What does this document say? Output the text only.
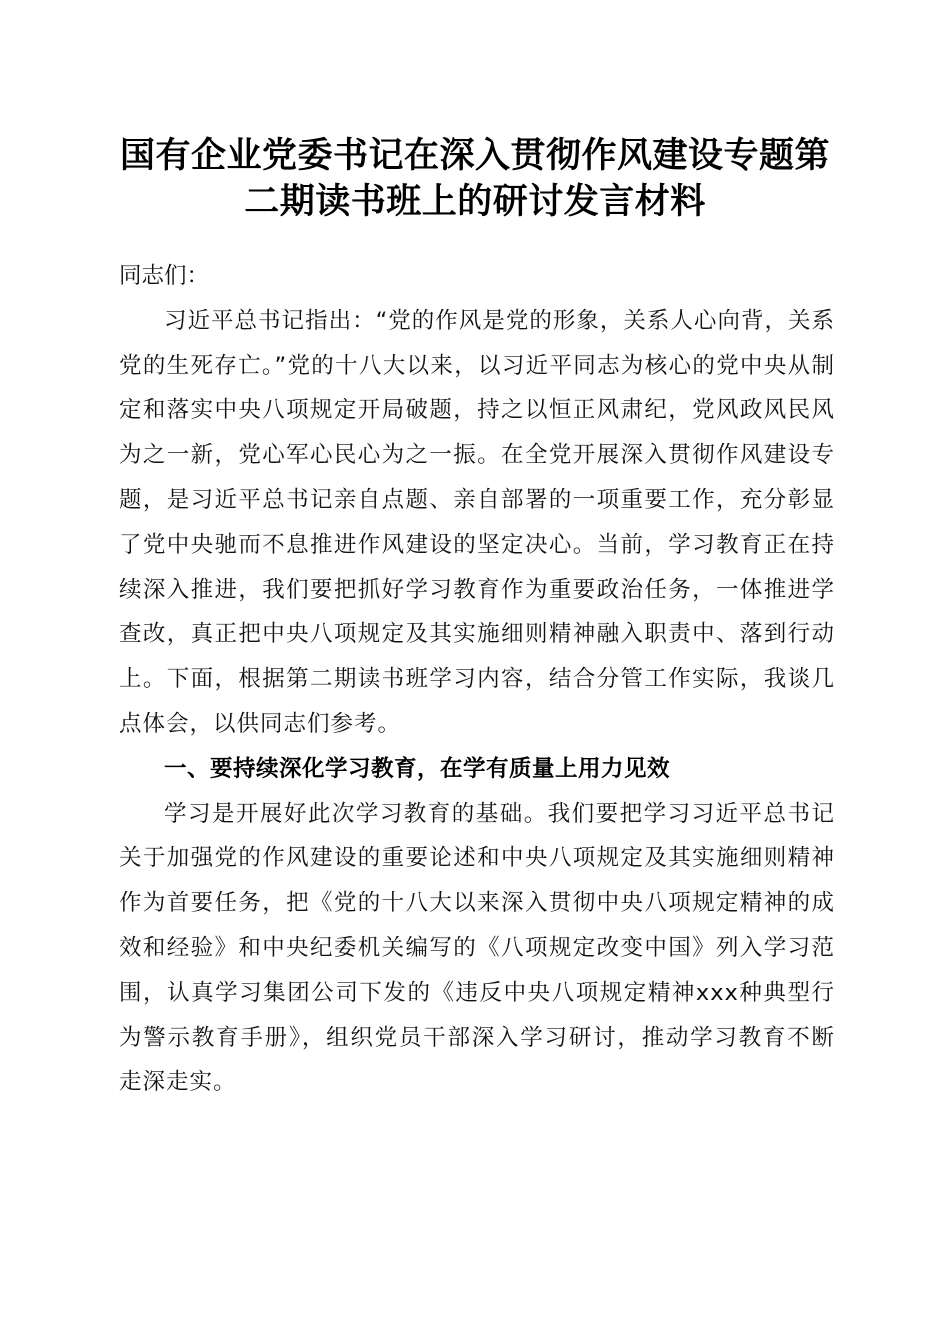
国有企业党委书记在深入贯彻作风建设专题第
二期读书班上的研讨发言材料

同志们：

习近平总书记指出：“党的作风是党的形象，关系人心向背，关系党的生死存亡。”党的十八大以来，以习近平同志为核心的党中央从制定和落实中央八项规定开局破题，持之以恒正风肃纪，党风政风民风为之一新，党心军心民心为之一振。在全党开展深入贯彻作风建设专题，是习近平总书记亲自点题、亲自部署的一项重要工作，充分彰显了党中央驰而不息推进作风建设的坚定决心。当前，学习教育正在持续深入推进，我们要把抓好学习教育作为重要政治任务，一体推进学查改，真正把中央八项规定及其实施细则精神融入职责中、落到行动上。下面，根据第二期读书班学习内容，结合分管工作实际，我谈几点体会，以供同志们参考。

一、要持续深化学习教育，在学有质量上用力见效

学习是开展好此次学习教育的基础。我们要把学习习近平总书记关于加强党的作风建设的重要论述和中央八项规定及其实施细则精神作为首要任务，把《党的十八大以来深入贯彻中央八项规定精神的成效和经验》和中央纪委机关编写的《八项规定改变中国》列入学习范围，认真学习集团公司下发的《违反中央八项规定精神xxx种典型行为警示教育手册》，组织党员干部深入学习研讨，推动学习教育不断走深走实。
